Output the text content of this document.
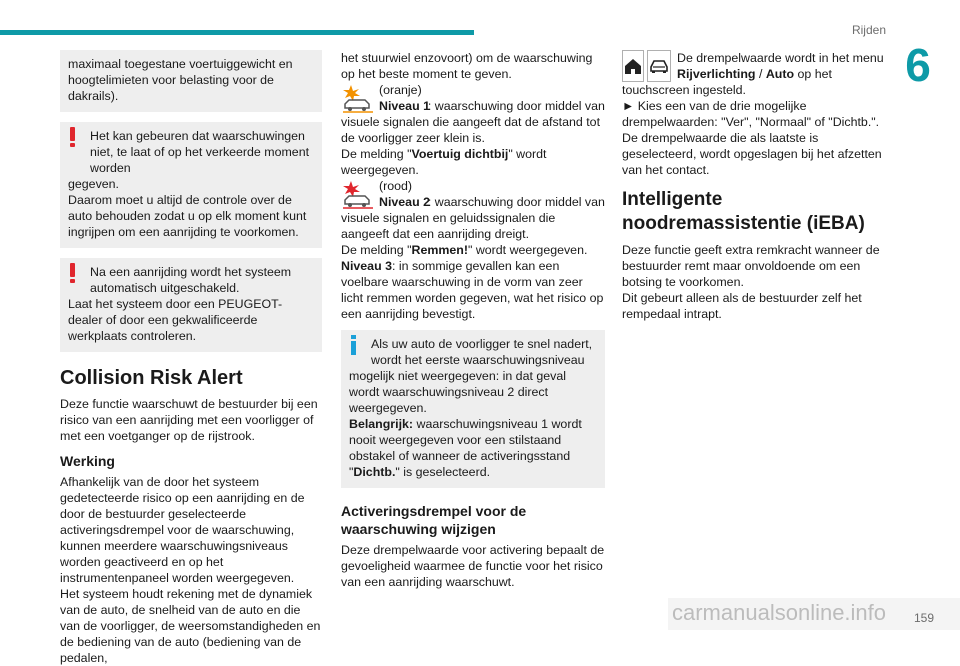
Rijden
6

maximaal toegestane voertuiggewicht en hoogtelimieten voor belasting voor de dakrails).

Het kan gebeuren dat waarschuwingen niet, te laat of op het verkeerde moment worden
gegeven.
Daarom moet u altijd de controle over de auto behouden zodat u op elk moment kunt ingrijpen om een aanrijding te voorkomen.
Na een aanrijding wordt het systeem automatisch uitgeschakeld.
Laat het systeem door een PEUGEOT-dealer of door een gekwalificeerde werkplaats controleren.
Collision Risk Alert

Deze functie waarschuwt de bestuurder bij een risico van een aanrijding met een voorligger of met een voetganger op de rijstrook.

Werking

Afhankelijk van de door het systeem gedetecteerde risico op een aanrijding en de door de bestuurder geselecteerde activeringsdrempel voor de waarschuwing, kunnen meerdere waarschuwingsniveaus worden geactiveerd en op het instrumentenpaneel worden weergegeven.
Het systeem houdt rekening met de dynamiek van de auto, de snelheid van de auto en die van de voorligger, de weersomstandigheden en de bediening van de auto (bediening van de pedalen,

het stuurwiel enzovoort) om de waarschuwing op het beste moment te geven.

(oranje)

Niveau 1

: waarschuwing door middel van visuele signalen die aangeeft dat de afstand tot de voorligger zeer klein is.

De melding "Voertuig dichtbij" wordt weergegeven.

(rood)

Niveau 2

: waarschuwing door middel van visuele signalen en geluidssignalen die aangeeft dat een aanrijding dreigt.

De melding "Remmen!" wordt weergegeven.

Niveau 3: in sommige gevallen kan een voelbare waarschuwing in de vorm van zeer licht remmen worden gegeven, wat het risico op een aanrijding bevestigt.

Als uw auto de voorligger te snel nadert, wordt het eerste waarschuwingsniveau
mogelijk niet weergegeven: in dat geval wordt waarschuwingsniveau 2 direct weergegeven.
Belangrijk: waarschuwingsniveau 1 wordt nooit weergegeven voor een stilstaand obstakel of wanneer de activeringsstand "Dichtb." is geselecteerd.
Activeringsdrempel voor de waarschuwing wijzigen

Deze drempelwaarde voor activering bepaalt de gevoeligheid waarmee de functie voor het risico van een aanrijding waarschuwt.

De drempelwaarde wordt in het menu Rijverlichting / Auto op het

touchscreen ingesteld.

► Kies een van de drie mogelijke drempelwaarden: "Ver", "Normaal" of "Dichtb.".

De drempelwaarde die als laatste is geselecteerd, wordt opgeslagen bij het afzetten van het contact.

Intelligente noodremassistentie (iEBA)

Deze functie geeft extra remkracht wanneer de bestuurder remt maar onvoldoende om een botsing te voorkomen.
Dit gebeurt alleen als de bestuurder zelf het rempedaal intrapt.

carmanualsonline.info	159
